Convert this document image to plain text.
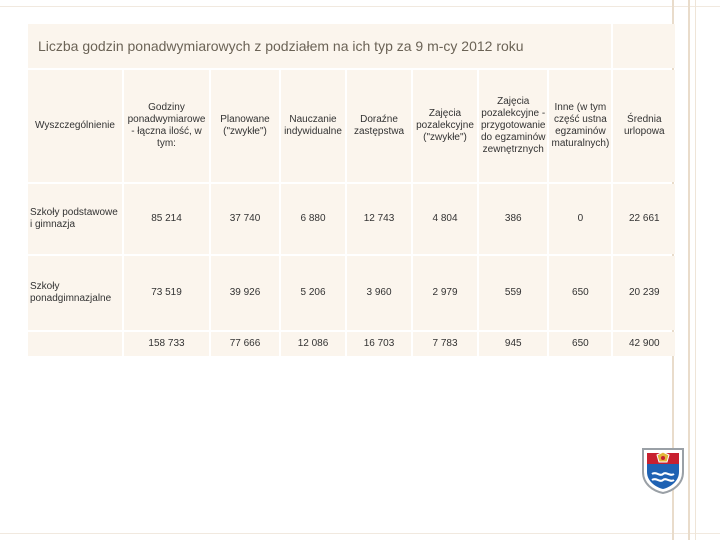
Liczba godzin ponadwymiarowych z podziałem na ich typ za 9 m-cy 2012 roku								
Wyszczególnienie	Godziny ponadwymiarowe - łączna ilość, w tym:	Planowane ("zwykłe")	Nauczanie indywidualne	Doraźne zastępstwa	Zajęcia pozalekcyjne ("zwykłe")	Zajęcia pozalekcyjne - przygotowanie do egzaminów zewnętrznych	Inne (w tym część ustna egzaminów maturalnych)	Średnia urlopowa
Szkoły podstawowe i gimnazja	85 214	37 740	6 880	12 743	4 804	386	0	22 661
Szkoły ponadgimnazjalne	73 519	39 926	5 206	3 960	2 979	559	650	20 239
	158 733	77 666	12 086	16 703	7 783	945	650	42 900
